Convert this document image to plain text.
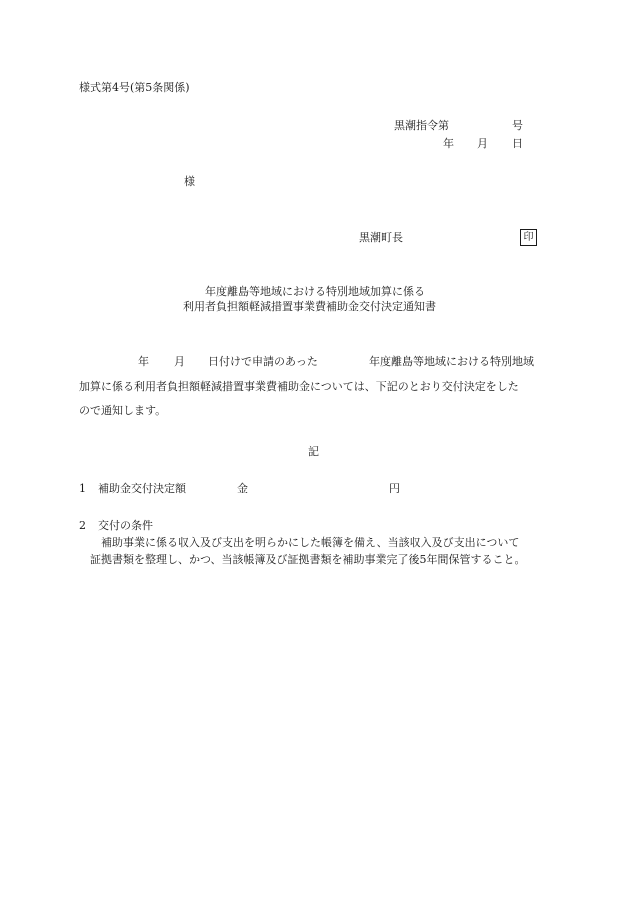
様式第4号(第5条関係)
黒潮指令第	号
年 月 日
様
黒潮町長	印
年度離島等地域における特別地域加算に係る
利用者負担額軽減措置事業費補助金交付決定通知書
年 月 日付けで申請のあった	年度離島等地域における特別地域
加算に係る利用者負担額軽減措置事業費補助金については、下記のとおり交付決定をした
ので通知します。
記
1 補助金交付決定額	金	円
2 交付の条件
補助事業に係る収入及び支出を明らかにした帳簿を備え、当該収入及び支出について
証拠書類を整理し、かつ、当該帳簿及び証拠書類を補助事業完了後5年間保管すること。
